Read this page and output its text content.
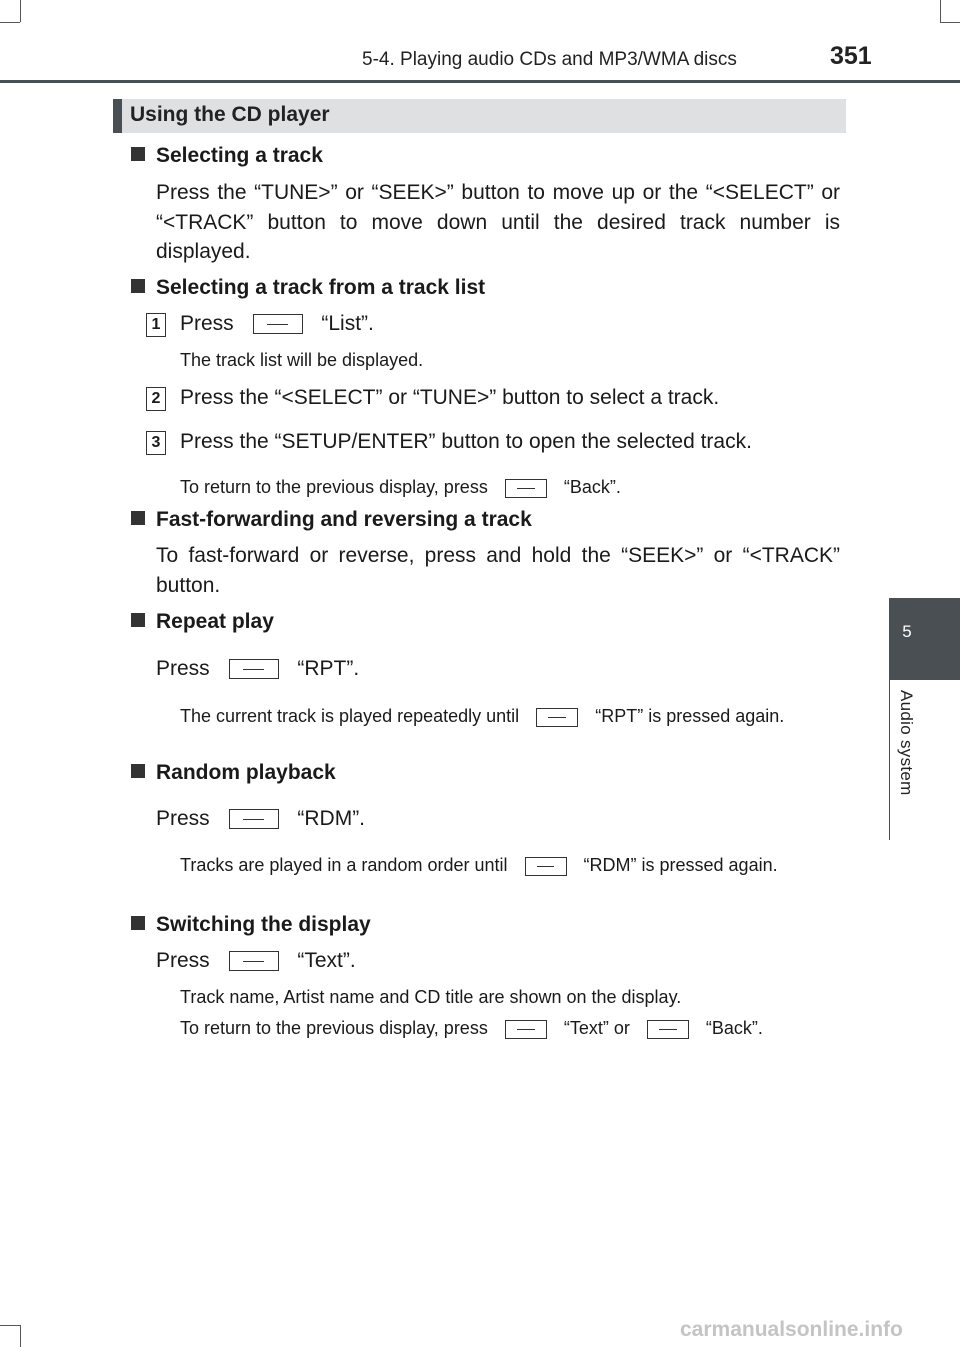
5-4. Playing audio CDs and MP3/WMA discs	351
5
Audio system
Using the CD player
Selecting a track
Press the “TUNE>” or “SEEK>” button to move up or the “<SELECT” or “<TRACK” button to move down until the desired track number is displayed.
Selecting a track from a track list
1 Press	“List”.
The track list will be displayed.
2 Press the “<SELECT” or “TUNE>” button to select a track.
3 Press the “SETUP/ENTER” button to open the selected track.
To return to the previous display, press	“Back”.
Fast-forwarding and reversing a track
To fast-forward or reverse, press and hold the “SEEK>” or “<TRACK” button.
Repeat play
Press	“RPT”.
The current track is played repeatedly until	“RPT” is pressed again.
Random playback
Press	“RDM”.
Tracks are played in a random order until	“RDM” is pressed again.
Switching the display
Press	“Text”.
Track name, Artist name and CD title are shown on the display.
To return to the previous display, press	“Text” or	“Back”.
carmanualsonline.info
